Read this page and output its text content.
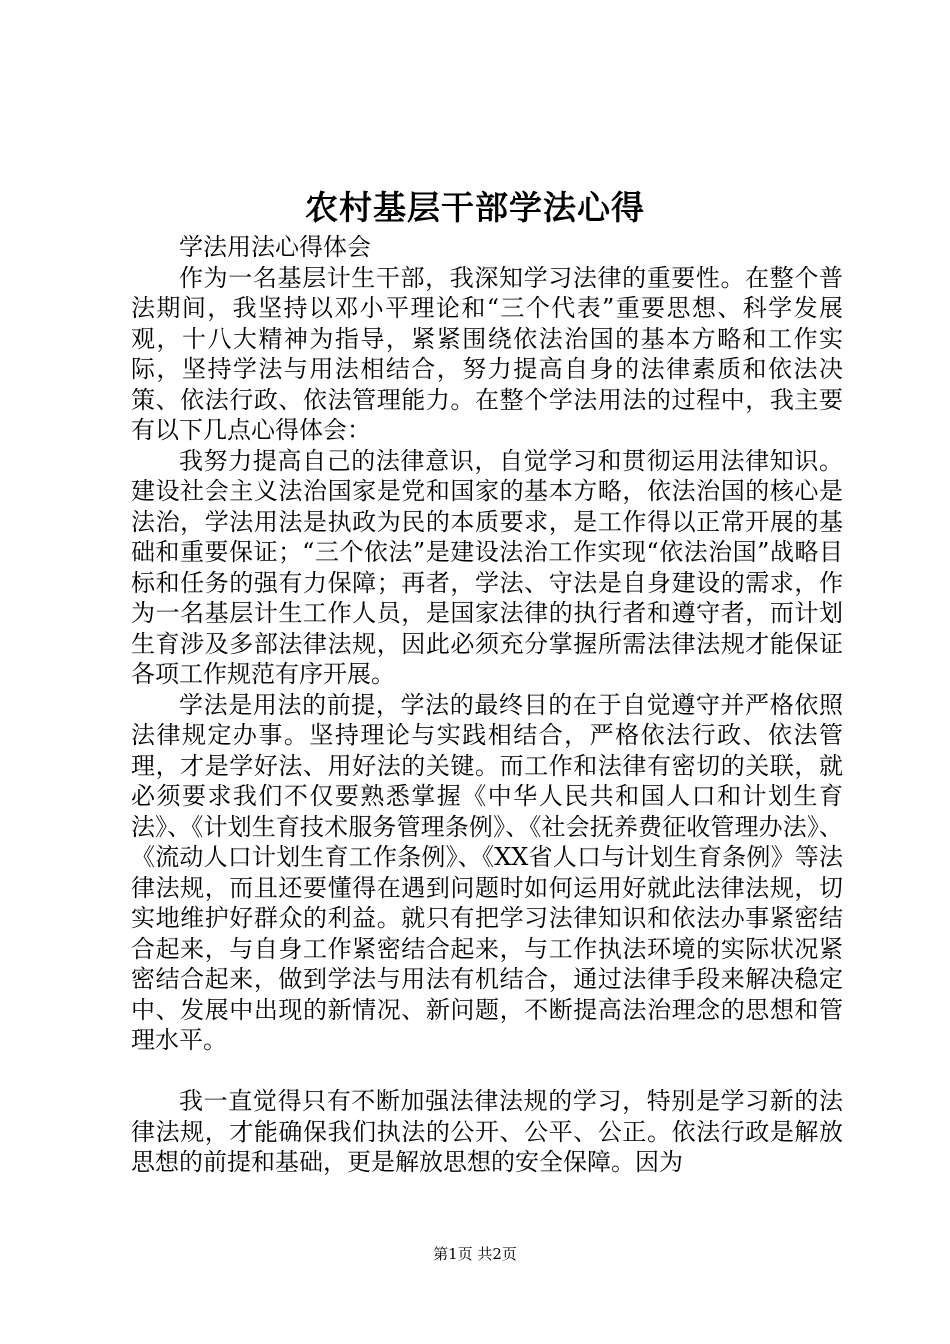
农村基层干部学法心得

学法用法心得体会

作为一名基层计生干部，我深知学习法律的重要性。在整个普法期间，我坚持以邓小平理论和“三个代表”重要思想、科学发展观，十八大精神为指导，紧紧围绕依法治国的基本方略和工作实际，坚持学法与用法相结合，努力提高自身的法律素质和依法决策、依法行政、依法管理能力。在整个学法用法的过程中，我主要有以下几点心得体会：

我努力提高自己的法律意识，自觉学习和贯彻运用法律知识。建设社会主义法治国家是党和国家的基本方略，依法治国的核心是法治，学法用法是执政为民的本质要求，是工作得以正常开展的基础和重要保证；“三个依法”是建设法治工作实现“依法治国”战略目标和任务的强有力保障；再者，学法、守法是自身建设的需求，作为一名基层计生工作人员，是国家法律的执行者和遵守者，而计划生育涉及多部法律法规，因此必须充分掌握所需法律法规才能保证各项工作规范有序开展。

学法是用法的前提，学法的最终目的在于自觉遵守并严格依照法律规定办事。坚持理论与实践相结合，严格依法行政、依法管理，才是学好法、用好法的关键。而工作和法律有密切的关联，就必须要求我们不仅要熟悉掌握《中华人民共和国人口和计划生育法》、《计划生育技术服务管理条例》、《社会抚养费征收管理办法》、《流动人口计划生育工作条例》、《XX省人口与计划生育条例》等法律法规，而且还要懂得在遇到问题时如何运用好就此法律法规，切实地维护好群众的利益。就只有把学习法律知识和依法办事紧密结合起来，与自身工作紧密结合起来，与工作执法环境的实际状况紧密结合起来，做到学法与用法有机结合，通过法律手段来解决稳定中、发展中出现的新情况、新问题，不断提高法治理念的思想和管理水平。

我一直觉得只有不断加强法律法规的学习，特别是学习新的法律法规，才能确保我们执法的公开、公平、公正。依法行政是解放思想的前提和基础，更是解放思想的安全保障。因为

第1页 共2页
